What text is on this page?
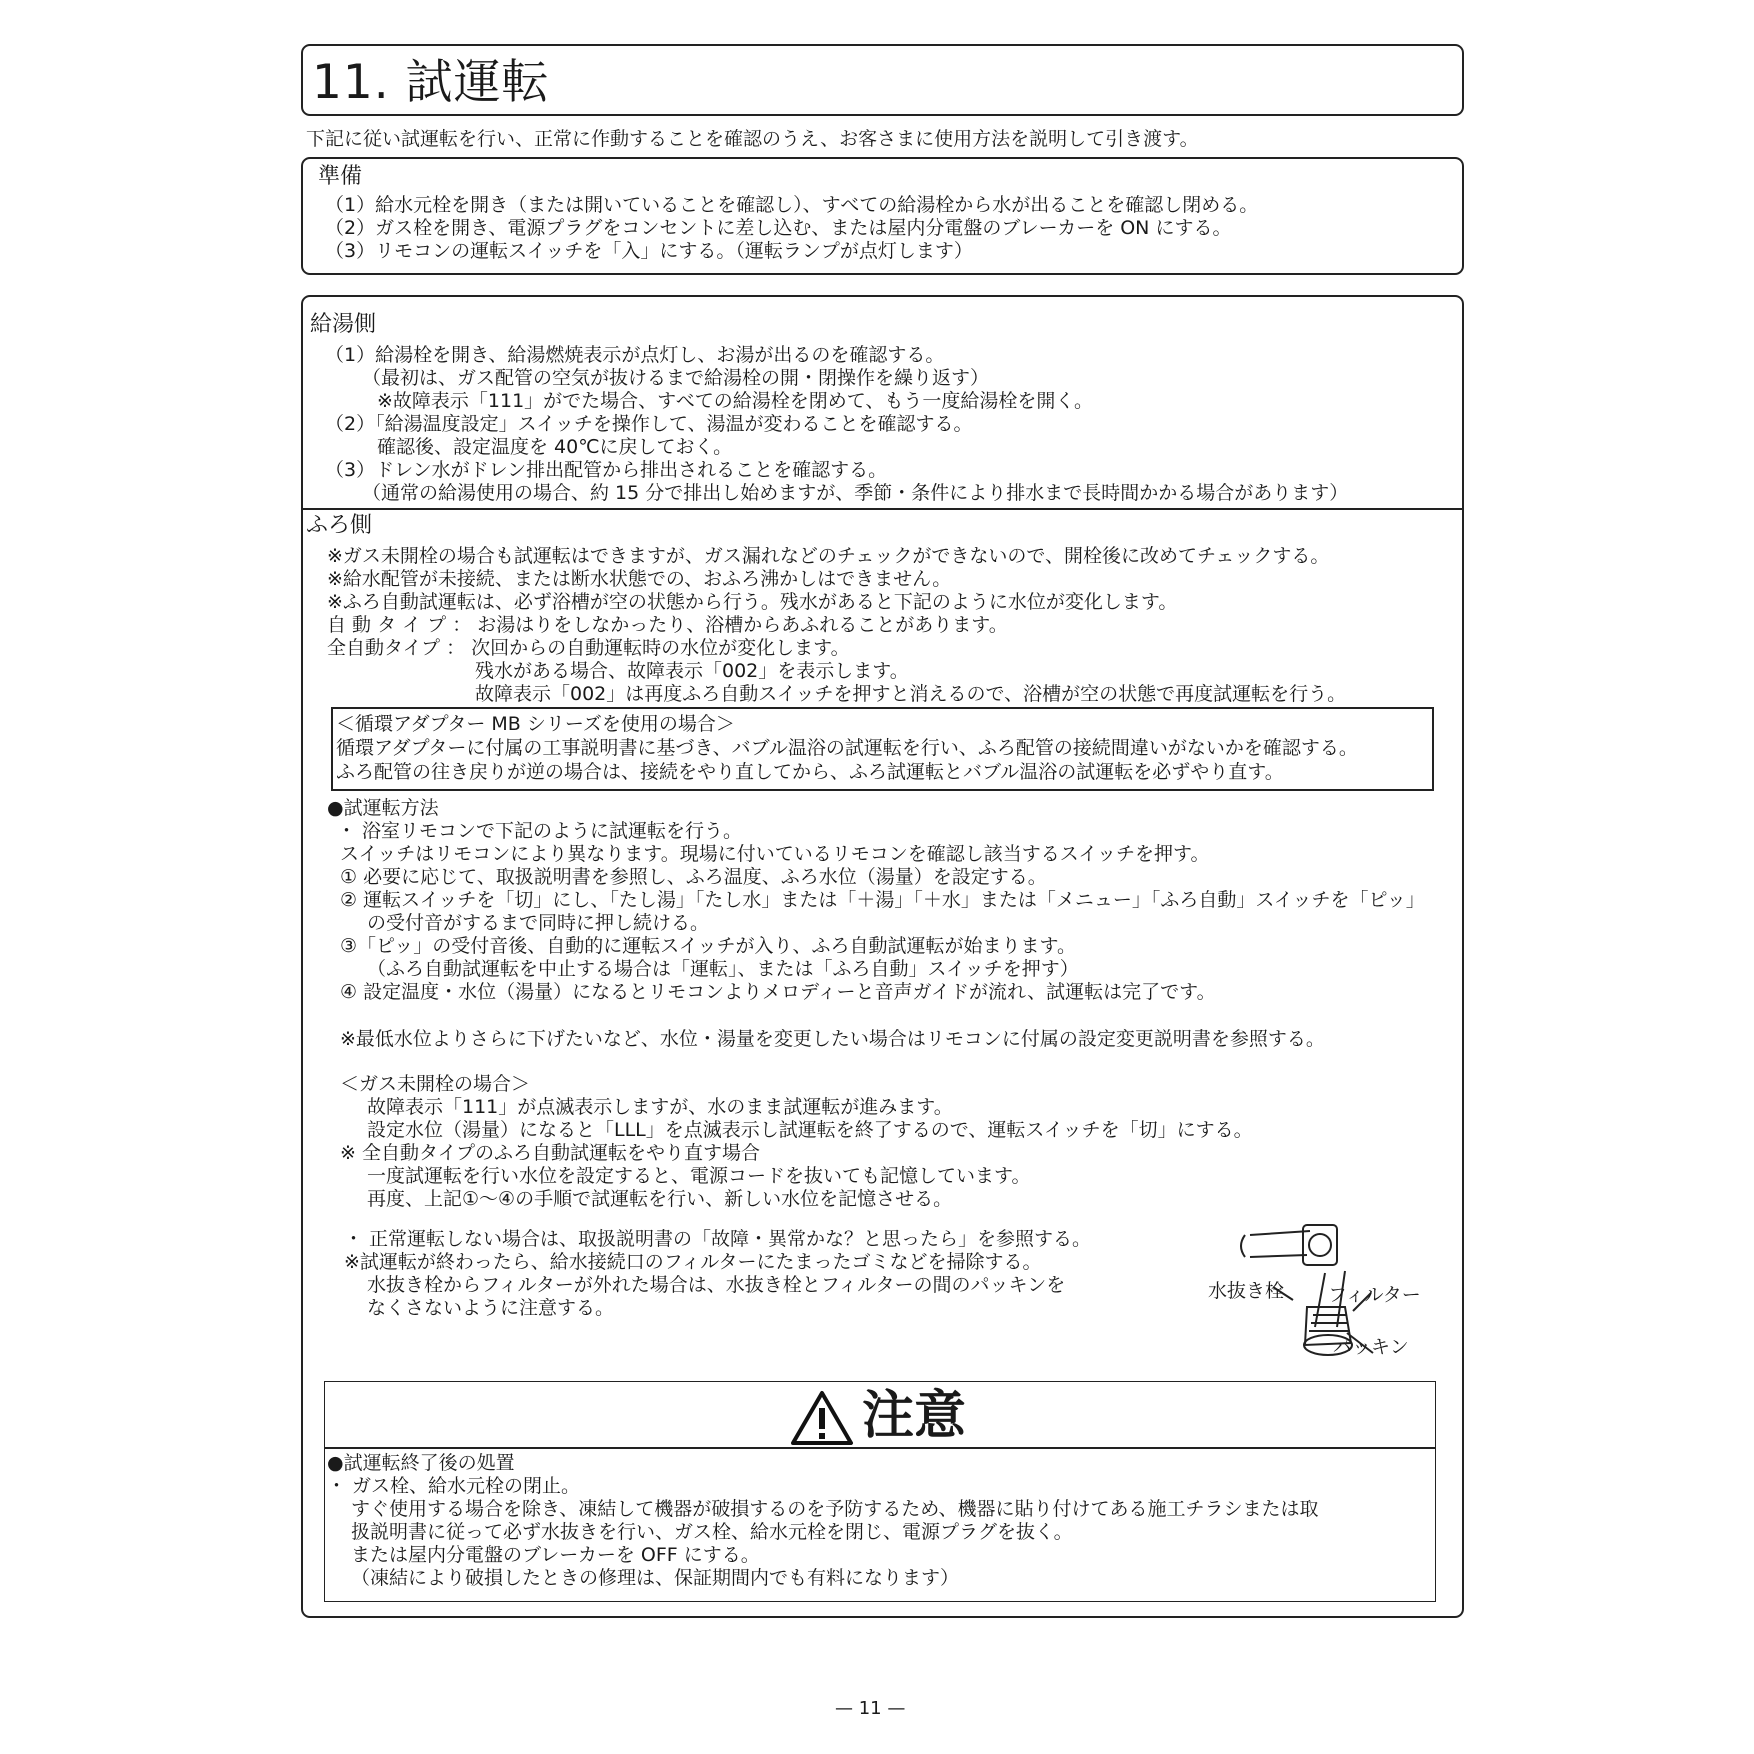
11. 試運転
下記に従い試運転を行い、正常に作動することを確認のうえ、お客さまに使用方法を説明して引き渡す。
準備
（1）給水元栓を開き（または開いていることを確認し）、すべての給湯栓から水が出ることを確認し閉める。
（2）ガス栓を開き、電源プラグをコンセントに差し込む、または屋内分電盤のブレーカーを ON にする。
（3）リモコンの運転スイッチを「入」にする。（運転ランプが点灯します）
給湯側
（1）給湯栓を開き、給湯燃焼表示が点灯し、お湯が出るのを確認する。
（最初は、ガス配管の空気が抜けるまで給湯栓の開・閉操作を繰り返す）
※故障表示「111」がでた場合、すべての給湯栓を閉めて、もう一度給湯栓を開く。
（2）「給湯温度設定」スイッチを操作して、湯温が変わることを確認する。
確認後、設定温度を 40℃に戻しておく。
（3）ドレン水がドレン排出配管から排出されることを確認する。
（通常の給湯使用の場合、約 15 分で排出し始めますが、季節・条件により排水まで長時間かかる場合があります）
ふろ側
※ガス未開栓の場合も試運転はできますが、ガス漏れなどのチェックができないので、開栓後に改めてチェックする。
※給水配管が未接続、または断水状態での、おふろ沸かしはできません。
※ふろ自動試運転は、必ず浴槽が空の状態から行う。残水があると下記のように水位が変化します。
自 動 タ イ プ ： お湯はりをしなかったり、浴槽からあふれることがあります。
全自動タイプ ： 次回からの自動運転時の水位が変化します。
残水がある場合、故障表示「002」を表示します。
故障表示「002」は再度ふろ自動スイッチを押すと消えるので、浴槽が空の状態で再度試運転を行う。
＜循環アダプター MB シリーズを使用の場合＞
循環アダプターに付属の工事説明書に基づき、バブル温浴の試運転を行い、ふろ配管の接続間違いがないかを確認する。
ふろ配管の往き戻りが逆の場合は、接続をやり直してから、ふろ試運転とバブル温浴の試運転を必ずやり直す。
●試運転方法
・ 浴室リモコンで下記のように試運転を行う。
スイッチはリモコンにより異なります。現場に付いているリモコンを確認し該当するスイッチを押す。
① 必要に応じて、取扱説明書を参照し、ふろ温度、ふろ水位（湯量）を設定する。
② 運転スイッチを「切」にし、「たし湯」「たし水」または「＋湯」「＋水」または「メニュー」「ふろ自動」スイッチを「ピッ」
の受付音がするまで同時に押し続ける。
③「ピッ」の受付音後、自動的に運転スイッチが入り、ふろ自動試運転が始まります。
（ふろ自動試運転を中止する場合は「運転」、または「ふろ自動」スイッチを押す）
④ 設定温度・水位（湯量）になるとリモコンよりメロディーと音声ガイドが流れ、試運転は完了です。
※最低水位よりさらに下げたいなど、水位・湯量を変更したい場合はリモコンに付属の設定変更説明書を参照する。
＜ガス未開栓の場合＞
故障表示「111」が点滅表示しますが、水のまま試運転が進みます。
設定水位（湯量）になると「LLL」を点滅表示し試運転を終了するので、運転スイッチを「切」にする。
※ 全自動タイプのふろ自動試運転をやり直す場合
一度試運転を行い水位を設定すると、電源コードを抜いても記憶しています。
再度、上記①～④の手順で試運転を行い、新しい水位を記憶させる。
・ 正常運転しない場合は、取扱説明書の「故障・異常かな？と思ったら」を参照する。
※試運転が終わったら、給水接続口のフィルターにたまったゴミなどを掃除する。
水抜き栓からフィルターが外れた場合は、水抜き栓とフィルターの間のパッキンを
なくさないように注意する。
水抜き栓 フィルター
パッキン
注意
●試運転終了後の処置
・ ガス栓、給水元栓の閉止。
すぐ使用する場合を除き、凍結して機器が破損するのを予防するため、機器に貼り付けてある施工チラシまたは取
扱説明書に従って必ず水抜きを行い、ガス栓、給水元栓を閉じ、電源プラグを抜く。
または屋内分電盤のブレーカーを OFF にする。
（凍結により破損したときの修理は、保証期間内でも有料になります）
— 11 —
